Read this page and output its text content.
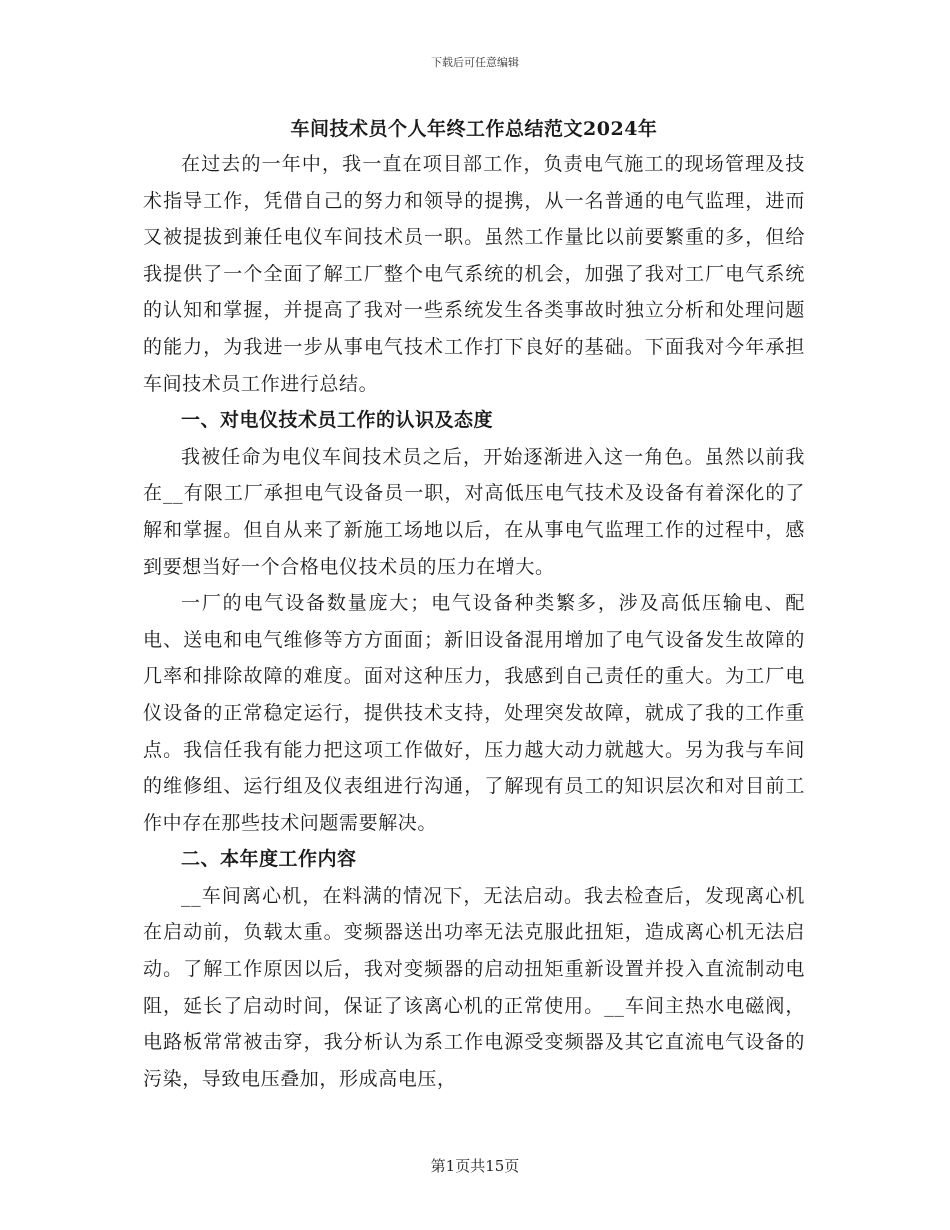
下载后可任意编辑
车间技术员个人年终工作总结范文2024年

在过去的一年中，我一直在项目部工作，负责电气施工的现场管理及技术指导工作，凭借自己的努力和领导的提携，从一名普通的电气监理，进而又被提拔到兼任电仪车间技术员一职。虽然工作量比以前要繁重的多，但给我提供了一个全面了解工厂整个电气系统的机会，加强了我对工厂电气系统的认知和掌握，并提高了我对一些系统发生各类事故时独立分析和处理问题的能力，为我进一步从事电气技术工作打下良好的基础。下面我对今年承担车间技术员工作进行总结。

一、对电仪技术员工作的认识及态度

我被任命为电仪车间技术员之后，开始逐渐进入这一角色。虽然以前我在__有限工厂承担电气设备员一职，对高低压电气技术及设备有着深化的了解和掌握。但自从来了新施工场地以后，在从事电气监理工作的过程中，感到要想当好一个合格电仪技术员的压力在增大。

一厂的电气设备数量庞大；电气设备种类繁多，涉及高低压输电、配电、送电和电气维修等方方面面；新旧设备混用增加了电气设备发生故障的几率和排除故障的难度。面对这种压力，我感到自己责任的重大。为工厂电仪设备的正常稳定运行，提供技术支持，处理突发故障，就成了我的工作重点。我信任我有能力把这项工作做好，压力越大动力就越大。另为我与车间的维修组、运行组及仪表组进行沟通，了解现有员工的知识层次和对目前工作中存在那些技术问题需要解决。

二、本年度工作内容

__车间离心机，在料满的情况下，无法启动。我去检查后，发现离心机在启动前，负载太重。变频器送出功率无法克服此扭矩，造成离心机无法启动。了解工作原因以后，我对变频器的启动扭矩重新设置并投入直流制动电阻，延长了启动时间，保证了该离心机的正常使用。__车间主热水电磁阀，电路板常常被击穿，我分析认为系工作电源受变频器及其它直流电气设备的污染，导致电压叠加，形成高电压，

第1页共15页
